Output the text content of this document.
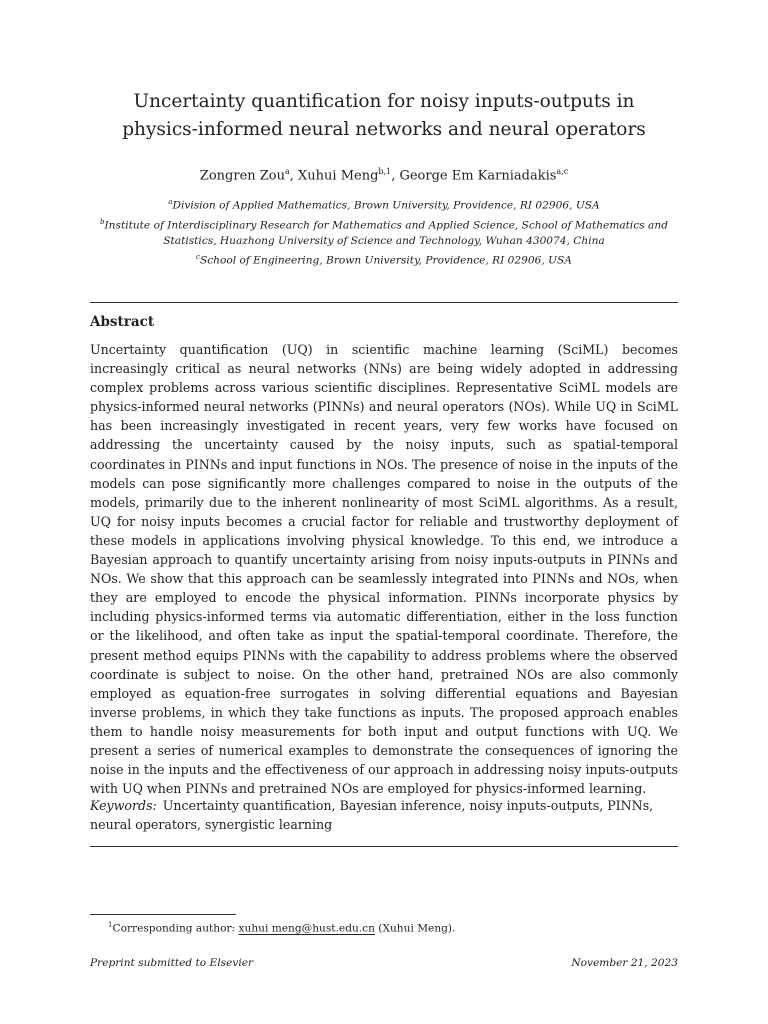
Uncertainty quantification for noisy inputs-outputs in
physics-informed neural networks and neural operators
Zongren Zou$^a$, Xuhui Meng$^{b,1}$, George Em Karniadakis$^{a,c}$
$^a$Division of Applied Mathematics, Brown University, Providence, RI 02906, USA
$^b$Institute of Interdisciplinary Research for Mathematics and Applied Science, School of Mathematics and
Statistics, Huazhong University of Science and Technology, Wuhan 430074, China
$^c$School of Engineering, Brown University, Providence, RI 02906, USA
Abstract
Uncertainty quantification (UQ) in scientific machine learning (SciML) becomes increasingly critical as neural networks (NNs) are being widely adopted in addressing complex problems across various scientific disciplines. Representative SciML models are physics-informed neural networks (PINNs) and neural operators (NOs). While UQ in SciML has been increasingly investigated in recent years, very few works have focused on addressing the uncertainty caused by the noisy inputs, such as spatial-temporal coordinates in PINNs and input functions in NOs. The presence of noise in the inputs of the models can pose significantly more challenges compared to noise in the outputs of the models, primarily due to the inherent nonlinearity of most SciML algorithms. As a result, UQ for noisy inputs becomes a crucial factor for reliable and trustworthy deployment of these models in applications involving physical knowledge. To this end, we introduce a Bayesian approach to quantify uncertainty arising from noisy inputs-outputs in PINNs and NOs. We show that this approach can be seamlessly integrated into PINNs and NOs, when they are employed to encode the physical information. PINNs incorporate physics by including physics-informed terms via automatic differentiation, either in the loss function or the likelihood, and often take as input the spatial-temporal coordinate. Therefore, the present method equips PINNs with the capability to address problems where the observed coordinate is subject to noise. On the other hand, pretrained NOs are also commonly employed as equation-free surrogates in solving differential equations and Bayesian inverse problems, in which they take functions as inputs. The proposed approach enables them to handle noisy measurements for both input and output functions with UQ. We present a series of numerical examples to demonstrate the consequences of ignoring the noise in the inputs and the effectiveness of our approach in addressing noisy inputs-outputs with UQ when PINNs and pretrained NOs are employed for physics-informed learning.
Keywords: Uncertainty quantification, Bayesian inference, noisy inputs-outputs, PINNs, neural operators, synergistic learning
$^1$Corresponding author: xuhui meng@hust.edu.cn (Xuhui Meng).
Preprint submitted to Elsevier	November 21, 2023
